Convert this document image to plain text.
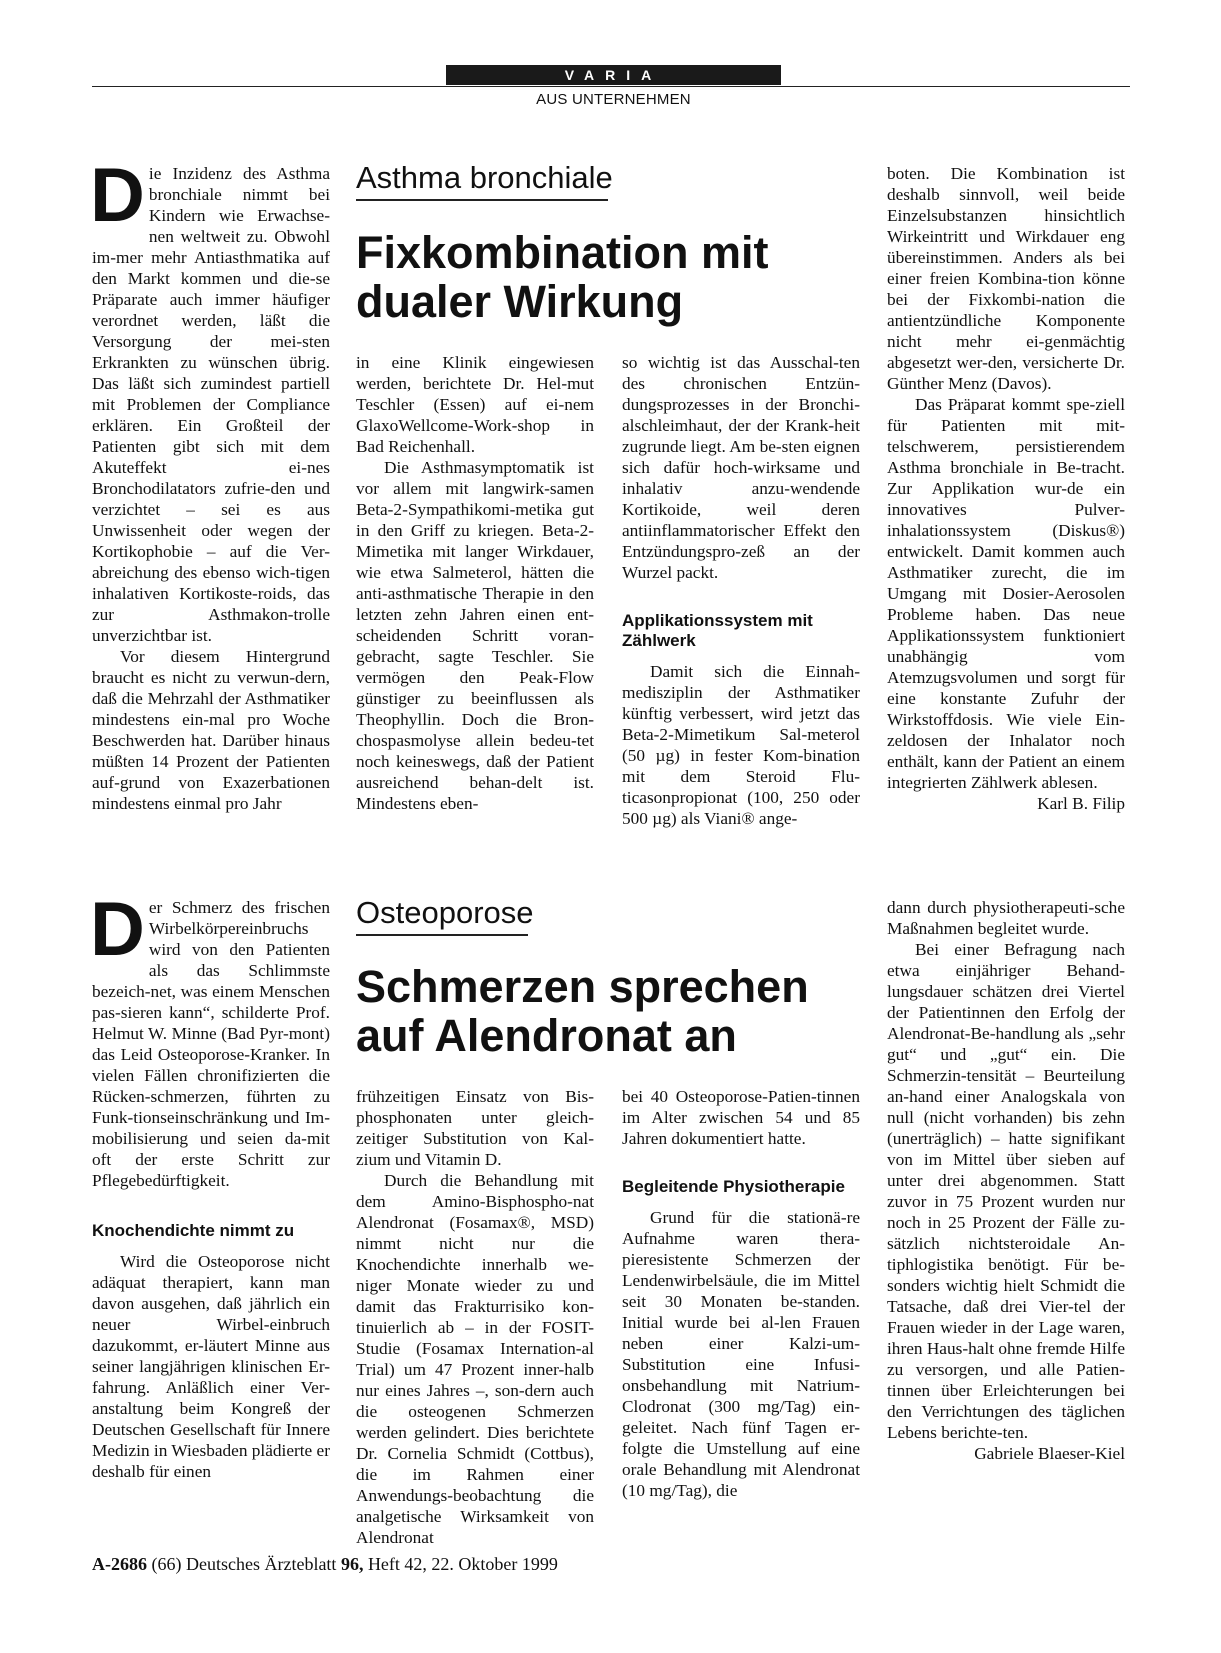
VARIA
AUS UNTERNEHMEN
D ie Inzidenz des Asthma bronchiale nimmt bei Kindern wie Erwachse-nen weltweit zu. Obwohl im-mer mehr Antiasthmatika auf den Markt kommen und die-se Präparate auch immer häufiger verordnet werden, läßt die Versorgung der mei-sten Erkrankten zu wünschen übrig. Das läßt sich zumindest partiell mit Problemen der Compliance erklären. Ein Großteil der Patienten gibt sich mit dem Akuteffekt ei-nes Bronchodilatators zufrie-den und verzichtet – sei es aus Unwissenheit oder wegen der Kortikophobie – auf die Ver-abreichung des ebenso wich-tigen inhalativen Kortikoste-roids, das zur Asthmakon-trolle unverzichtbar ist.

Vor diesem Hintergrund braucht es nicht zu verwun-dern, daß die Mehrzahl der Asthmatiker mindestens ein-mal pro Woche Beschwerden hat. Darüber hinaus müßten 14 Prozent der Patienten auf-grund von Exazerbationen mindestens einmal pro Jahr

Asthma bronchiale
Fixkombination mit dualer Wirkung

in eine Klinik eingewiesen werden, berichtete Dr. Hel-mut Teschler (Essen) auf ei-nem GlaxoWellcome-Work-shop in Bad Reichenhall.

Die Asthmasymptomatik ist vor allem mit langwirk-samen Beta-2-Sympathikomi-metika gut in den Griff zu kriegen. Beta-2-Mimetika mit langer Wirkdauer, wie etwa Salmeterol, hätten die anti-asthmatische Therapie in den letzten zehn Jahren einen ent-scheidenden Schritt voran-gebracht, sagte Teschler. Sie vermögen den Peak-Flow günstiger zu beeinflussen als Theophyllin. Doch die Bron-chospasmolyse allein bedeu-tet noch keineswegs, daß der Patient ausreichend behan-delt ist. Mindestens eben-

so wichtig ist das Ausschal-ten des chronischen Entzün-dungsprozesses in der Bronchi-alschleimhaut, der der Krank-heit zugrunde liegt. Am be-sten eignen sich dafür hoch-wirksame und inhalativ anzu-wendende Kortikoide, weil deren antiinflammatorischer Effekt den Entzündungspro-zeß an der Wurzel packt.

Applikationssystem mit Zählwerk

Damit sich die Einnah-medisziplin der Asthmatiker künftig verbessert, wird jetzt das Beta-2-Mimetikum Sal-meterol (50 µg) in fester Kom-bination mit dem Steroid Flu-ticasonpropionat (100, 250 oder 500 µg) als Viani® ange-

boten. Die Kombination ist deshalb sinnvoll, weil beide Einzelsubstanzen hinsichtlich Wirkeintritt und Wirkdauer eng übereinstimmen. Anders als bei einer freien Kombina-tion könne bei der Fixkombi-nation die antientzündliche Komponente nicht mehr ei-genmächtig abgesetzt wer-den, versicherte Dr. Günther Menz (Davos).

Das Präparat kommt spe-ziell für Patienten mit mit-telschwerem, persistierendem Asthma bronchiale in Be-tracht. Zur Applikation wur-de ein innovatives Pulver-inhalationssystem (Diskus®) entwickelt. Damit kommen auch Asthmatiker zurecht, die im Umgang mit Dosier-Aerosolen Probleme haben. Das neue Applikationssystem funktioniert unabhängig vom Atemzugsvolumen und sorgt für eine konstante Zufuhr der Wirkstoffdosis. Wie viele Ein-zeldosen der Inhalator noch enthält, kann der Patient an einem integrierten Zählwerk ablesen.
Karl B. Filip

D er Schmerz des frischen Wirbelkörpereinbruchs wird von den Patienten als das Schlimmste bezeich-net, was einem Menschen pas-sieren kann“, schilderte Prof. Helmut W. Minne (Bad Pyr-mont) das Leid Osteoporose-Kranker. In vielen Fällen chronifizierten die Rücken-schmerzen, führten zu Funk-tionseinschränkung und Im-mobilisierung und seien da-mit oft der erste Schritt zur Pflegebedürftigkeit.

Knochendichte nimmt zu

Wird die Osteoporose nicht adäquat therapiert, kann man davon ausgehen, daß jährlich ein neuer Wirbel-einbruch dazukommt, er-läutert Minne aus seiner langjährigen klinischen Er-fahrung. Anläßlich einer Ver-anstaltung beim Kongreß der Deutschen Gesellschaft für Innere Medizin in Wiesbaden plädierte er deshalb für einen

Osteoporose
Schmerzen sprechen auf Alendronat an

frühzeitigen Einsatz von Bis-phosphonaten unter gleich-zeitiger Substitution von Kal-zium und Vitamin D.

Durch die Behandlung mit dem Amino-Bisphospho-nat Alendronat (Fosamax®, MSD) nimmt nicht nur die Knochendichte innerhalb we-niger Monate wieder zu und damit das Frakturrisiko kon-tinuierlich ab – in der FOSIT-Studie (Fosamax Internation-al Trial) um 47 Prozent inner-halb nur eines Jahres –, son-dern auch die osteogenen Schmerzen werden gelindert. Dies berichtete Dr. Cornelia Schmidt (Cottbus), die im Rahmen einer Anwendungs-beobachtung die analgetische Wirksamkeit von Alendronat

bei 40 Osteoporose-Patien-tinnen im Alter zwischen 54 und 85 Jahren dokumentiert hatte.

Begleitende Physiotherapie

Grund für die stationä-re Aufnahme waren thera-pieresistente Schmerzen der Lendenwirbelsäule, die im Mittel seit 30 Monaten be-standen. Initial wurde bei al-len Frauen neben einer Kalzi-um-Substitution eine Infusi-onsbehandlung mit Natrium-Clodronat (300 mg/Tag) ein-geleitet. Nach fünf Tagen er-folgte die Umstellung auf eine orale Behandlung mit Alendronat (10 mg/Tag), die

dann durch physiotherapeuti-sche Maßnahmen begleitet wurde.

Bei einer Befragung nach etwa einjähriger Behand-lungsdauer schätzen drei Viertel der Patientinnen den Erfolg der Alendronat-Be-handlung als „sehr gut“ und „gut“ ein. Die Schmerzin-tensität – Beurteilung an-hand einer Analogskala von null (nicht vorhanden) bis zehn (unerträglich) – hatte signifikant von im Mittel über sieben auf unter drei abgenommen. Statt zuvor in 75 Prozent wurden nur noch in 25 Prozent der Fälle zu-sätzlich nichtsteroidale An-tiphlogistika benötigt. Für be-sonders wichtig hielt Schmidt die Tatsache, daß drei Vier-tel der Frauen wieder in der Lage waren, ihren Haus-halt ohne fremde Hilfe zu versorgen, und alle Patien-tinnen über Erleichterungen bei den Verrichtungen des täglichen Lebens berichte-ten.
Gabriele Blaeser-Kiel

A-2686 (66) Deutsches Ärzteblatt 96, Heft 42, 22. Oktober 1999
